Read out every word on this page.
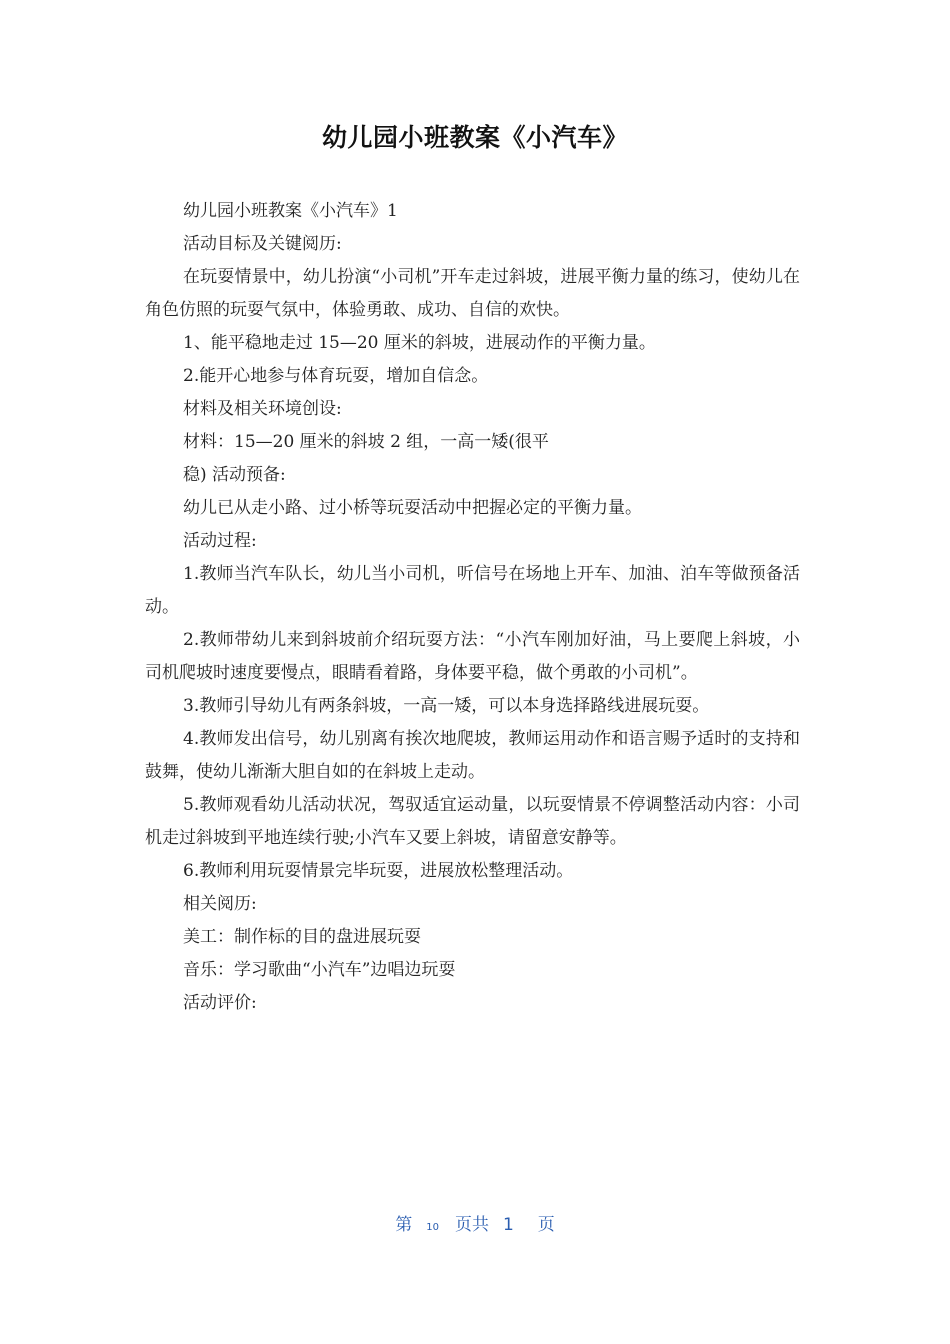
幼儿园小班教案《小汽车》

幼儿园小班教案《小汽车》1

活动目标及关键阅历:

在玩耍情景中，幼儿扮演“小司机”开车走过斜坡，进展平衡力量的练习，使幼儿在角色仿照的玩耍气氛中，体验勇敢、成功、自信的欢快。

1、能平稳地走过 15—20 厘米的斜坡，进展动作的平衡力量。

2.能开心地参与体育玩耍，增加自信念。

材料及相关环境创设:

材料：15—20 厘米的斜坡 2 组，一高一矮(很平

稳) 活动预备:

幼儿已从走小路、过小桥等玩耍活动中把握必定的平衡力量。

活动过程:

1.教师当汽车队长，幼儿当小司机，听信号在场地上开车、加油、泊车等做预备活动。

2.教师带幼儿来到斜坡前介绍玩耍方法：“小汽车刚加好油，马上要爬上斜坡，小司机爬坡时速度要慢点，眼睛看着路，身体要平稳，做个勇敢的小司机”。

3.教师引导幼儿有两条斜坡，一高一矮，可以本身选择路线进展玩耍。

4.教师发出信号，幼儿别离有挨次地爬坡，教师运用动作和语言赐予适时的支持和鼓舞，使幼儿渐渐大胆自如的在斜坡上走动。

5.教师观看幼儿活动状况，驾驭适宜运动量，以玩耍情景不停调整活动内容：小司机走过斜坡到平地连续行驶;小汽车又要上斜坡，请留意安静等。

6.教师利用玩耍情景完毕玩耍，进展放松整理活动。

相关阅历:

美工：制作标的目的盘进展玩耍

音乐：学习歌曲“小汽车”边唱边玩耍

活动评价:

第 10 页共 1 页
